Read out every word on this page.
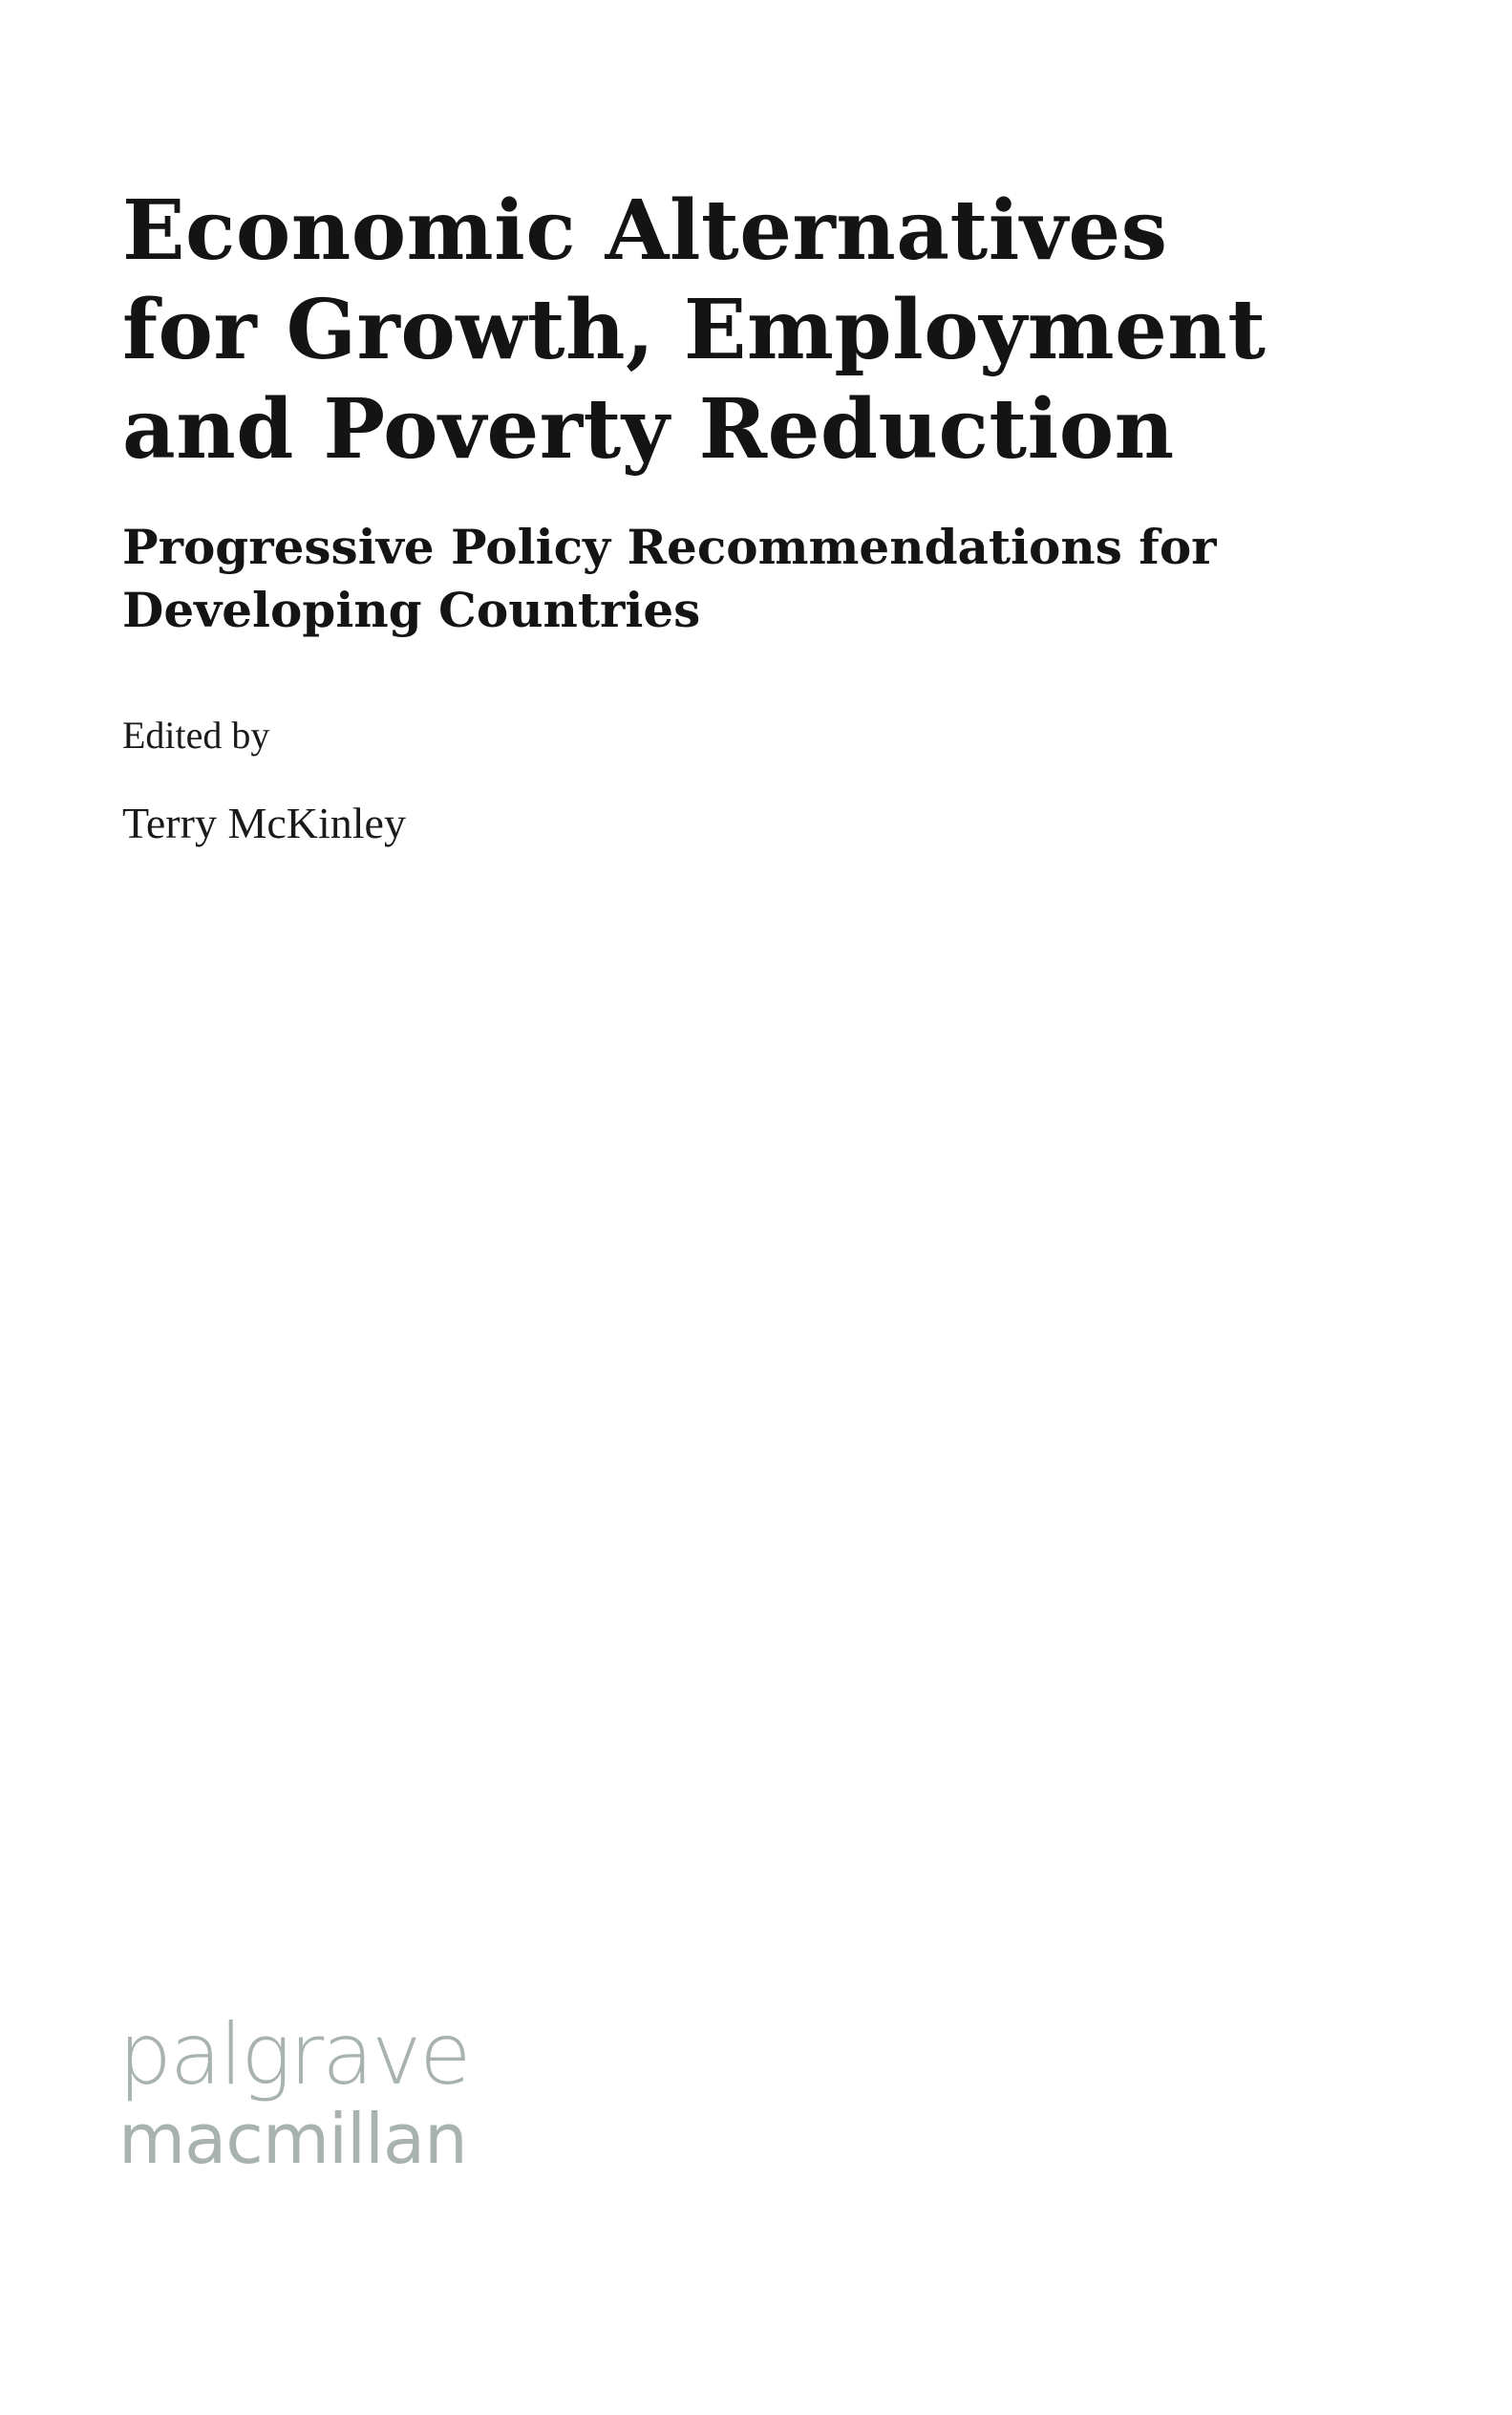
Economic Alternatives
for Growth, Employment
and Poverty Reduction
Progressive Policy Recommendations for
Developing Countries

Edited by

Terry McKinley

palgrave
macmillan
